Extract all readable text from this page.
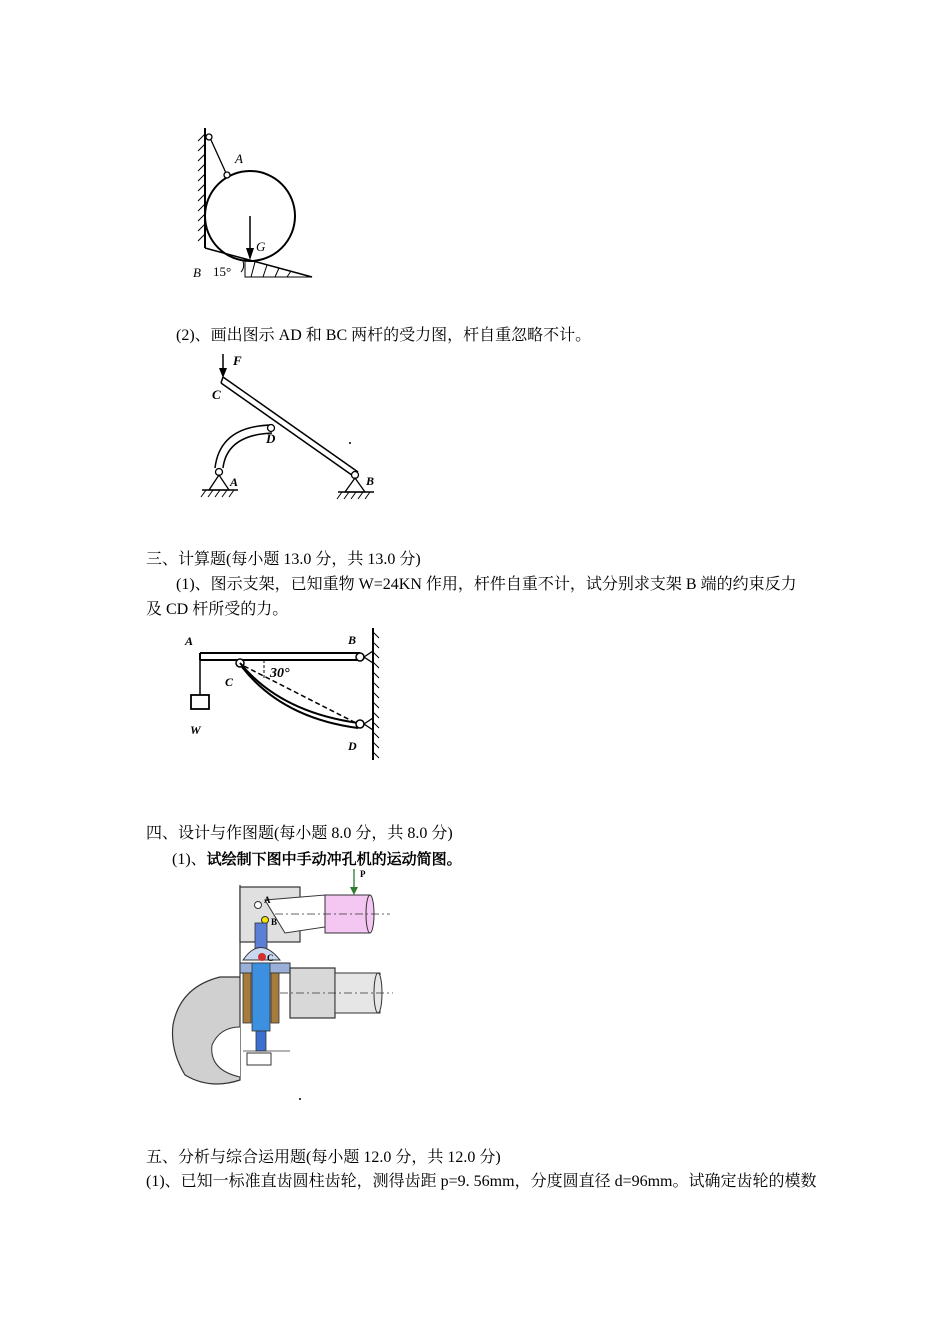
A
G
B 15°
(2)、画出图示 AD 和 BC 两杆的受力图，杆自重忽略不计。
F
C
D
A	B
三、计算题(每小题 13.0 分，共 13.0 分)
(1)、图示支架，已知重物 W=24KN 作用，杆件自重不计，试分别求支架 B 端的约束反力
及 CD 杆所受的力。
A	B
C
D
W
30°
四、设计与作图题(每小题 8.0 分，共 8.0 分)
(1)、试绘制下图中手动冲孔机的运动简图。
P
A
B
C
五、分析与综合运用题(每小题 12.0 分，共 12.0 分)
(1)、已知一标准直齿圆柱齿轮，测得齿距 p=9. 56mm，分度圆直径 d=96mm。试确定齿轮的模数
